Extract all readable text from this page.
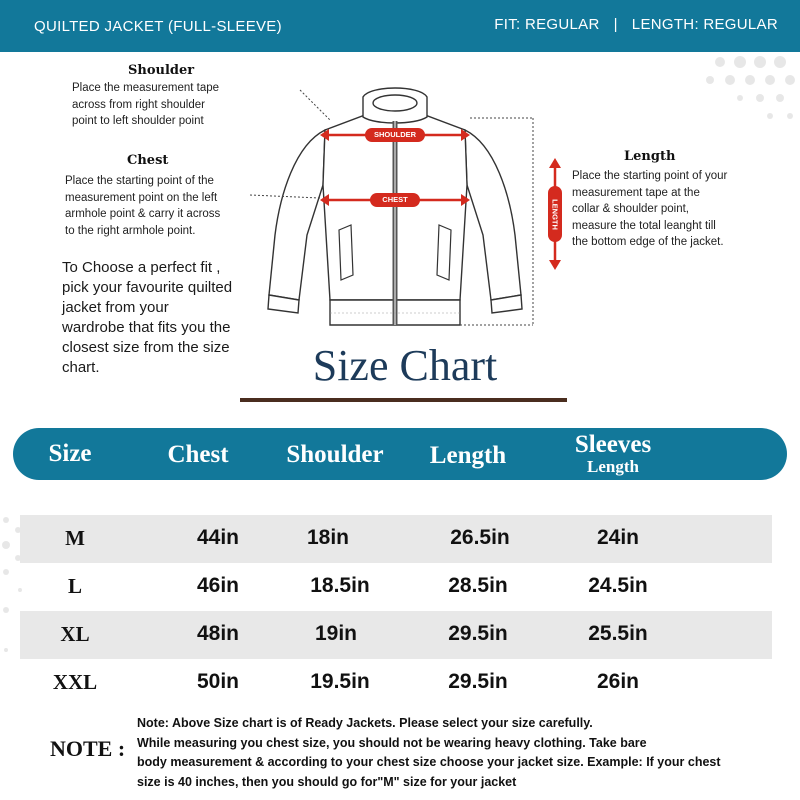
QUILTED JACKET (FULL-SLEEVE)	FIT: REGULAR | LENGTH: REGULAR
Shoulder
Place the measurement tape
across from right shoulder
point to left shoulder point
Chest
Place the starting point of the
measurement point on the left
armhole point & carry it across
to the right armhole point.
Length
Place the starting point of your
measurement tape at the
collar & shoulder point,
measure the total leanght till
the bottom edge of the jacket.
To Choose a perfect fit ,
pick your favourite quilted
jacket from your
wardrobe that fits you the
closest size from the size
chart.
SHOULDER
CHEST	LENGTH
Size Chart
Size	Chest	Shoulder	Length	Sleeves
Length
M	44in	18in	26.5in	24in
L	46in	18.5in	28.5in	24.5in
XL	48in	19in	29.5in	25.5in
XXL	50in	19.5in	29.5in	26in
NOTE :
Note: Above Size chart is of Ready Jackets. Please select your size carefully.
While measuring you chest size, you should not be wearing heavy clothing. Take bare
body measurement & according to your chest size choose your jacket size. Example: If your chest
size is 40 inches, then you should go for"M" size for your jacket
